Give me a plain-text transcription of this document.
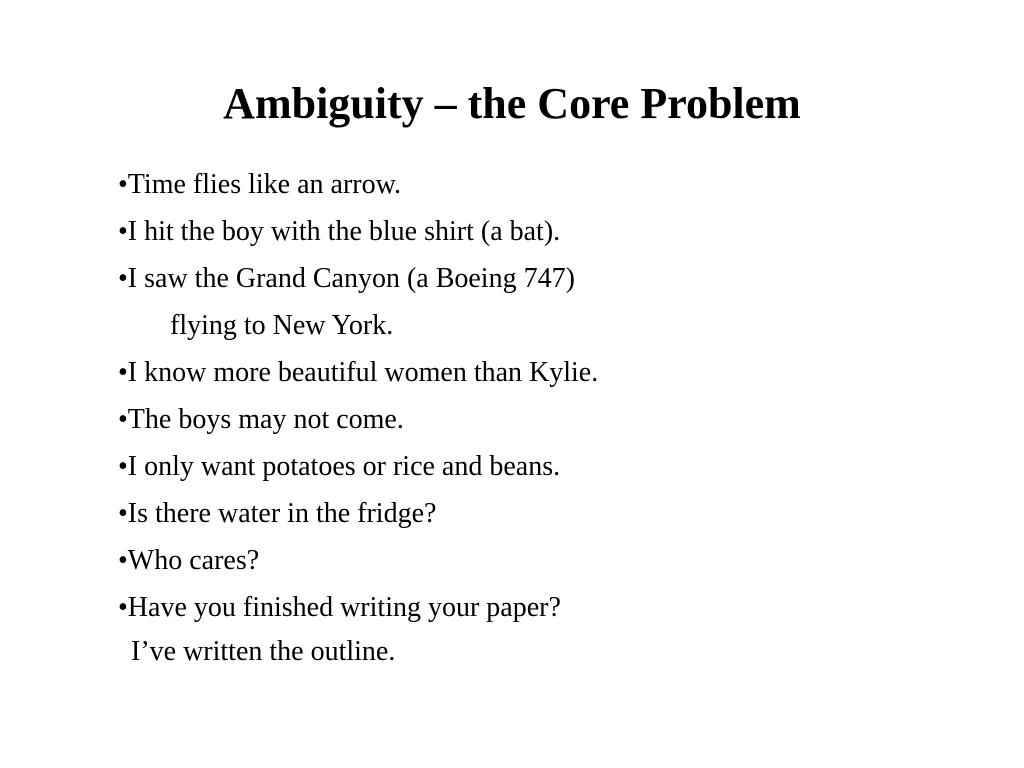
Ambiguity – the Core Problem
•Time flies like an arrow.
•I hit the boy with the blue shirt (a bat).
•I saw the Grand Canyon (a Boeing 747)
flying to New York.
•I know more beautiful women than Kylie.
•The boys may not come.
•I only want potatoes or rice and beans.
•Is there water in the fridge?
•Who cares?
•Have you finished writing your paper?
I’ve written the outline.
